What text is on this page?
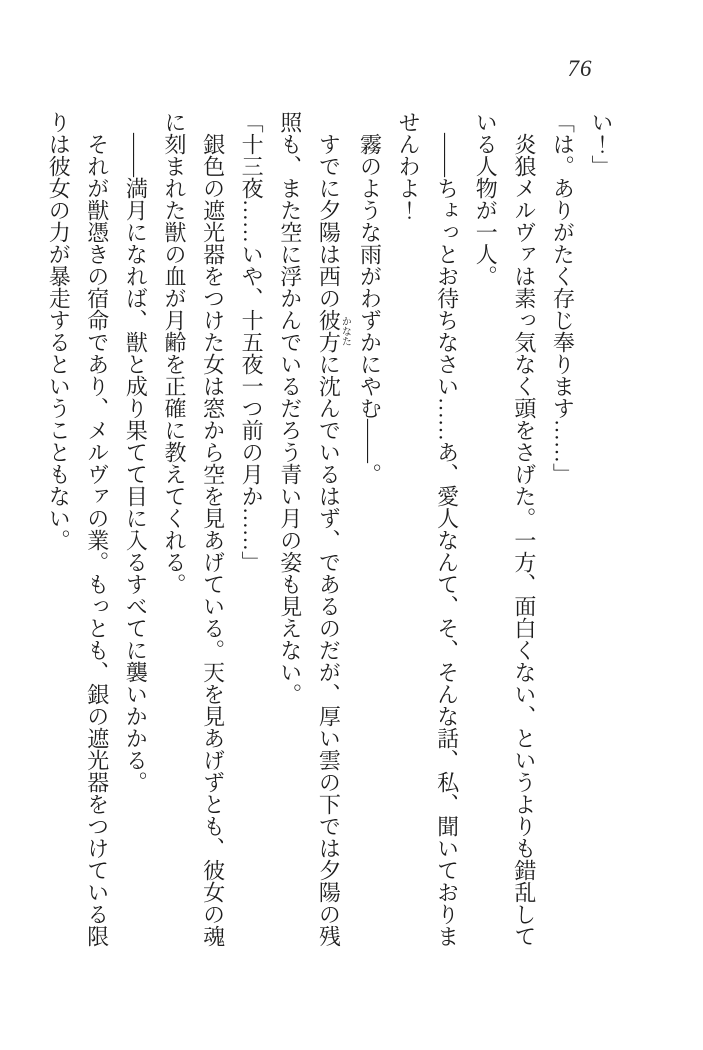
76

い！」

「は。ありがたく存じ奉ります……」

炎狼メルヴァは素っ気なく頭をさげた。一方、面白くない、というよりも錯乱している人物が一人。

――ちょっとお待ちなさい……あ、愛人なんて、そ、そんな話、私、聞いておりませんわよ！

霧のような雨がわずかにやむ――。

すでに夕陽は西の彼方かなたに沈んでいるはず、であるのだが、厚い雲の下では夕陽の残照も、また空に浮かんでいるだろう青い月の姿も見えない。

「十三夜……いや、十五夜一つ前の月か……」

銀色の遮光器をつけた女は窓から空を見あげている。天を見あげずとも、彼女の魂に刻まれた獣の血が月齢を正確に教えてくれる。

――満月になれば、獣と成り果てて目に入るすべてに襲いかかる。

それが獣憑きの宿命であり、メルヴァの業。もっとも、銀の遮光器をつけている限りは彼女の力が暴走するということもない。
